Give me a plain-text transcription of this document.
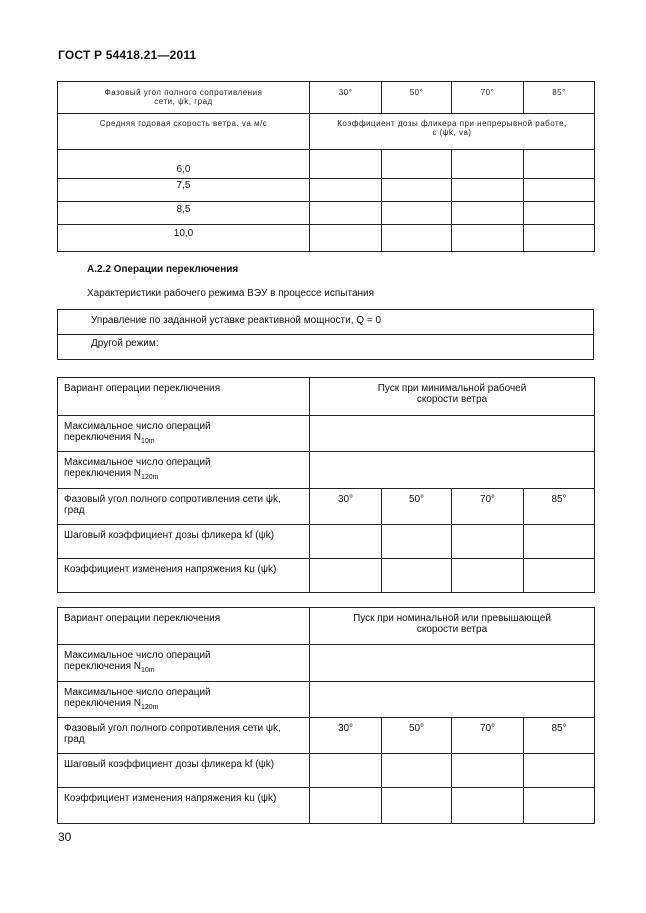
ГОСТ Р 54418.21—2011
Фазовый угол полного сопротивления
сети, ψk, град	30°	50°	70°	85°
Средняя годовая скорость ветра. va м/с	Коэффициент дозы фликера при непрерывной работе,
c (ψk, va)			

6,0				
7,5				
8,5				
10,0				
А.2.2 Операции переключения
Характеристики рабочего режима ВЭУ в процессе испытания
Управление по заданной уставке реактивной мощности, Q = 0
Другой режим:
Вариант операции переключения	Пуск при минимальной рабочей
скорости ветра			

Максимальное число операций
переключения $N_{10m}$

Максимальное число операций
переключения $N_{120m}$

Фазовый угол полного сопротивления сети ψk, град	30°	50°	70°	85°
Шаговый коэффициент дозы фликера kf (ψk)				
Коэффициент изменения напряжения ku (ψk)				
Вариант операции переключения	Пуск при номинальной или превышающей
скорости ветра			

Максимальное число операций
переключения $N_{10m}$

Максимальное число операций
переключения $N_{120m}$

Фазовый угол полного сопротивления сети ψk, град	30°	50°	70°	85°
Шаговый коэффициент дозы фликера kf (ψk)				
Коэффициент изменения напряжения ku (ψk)				
30
